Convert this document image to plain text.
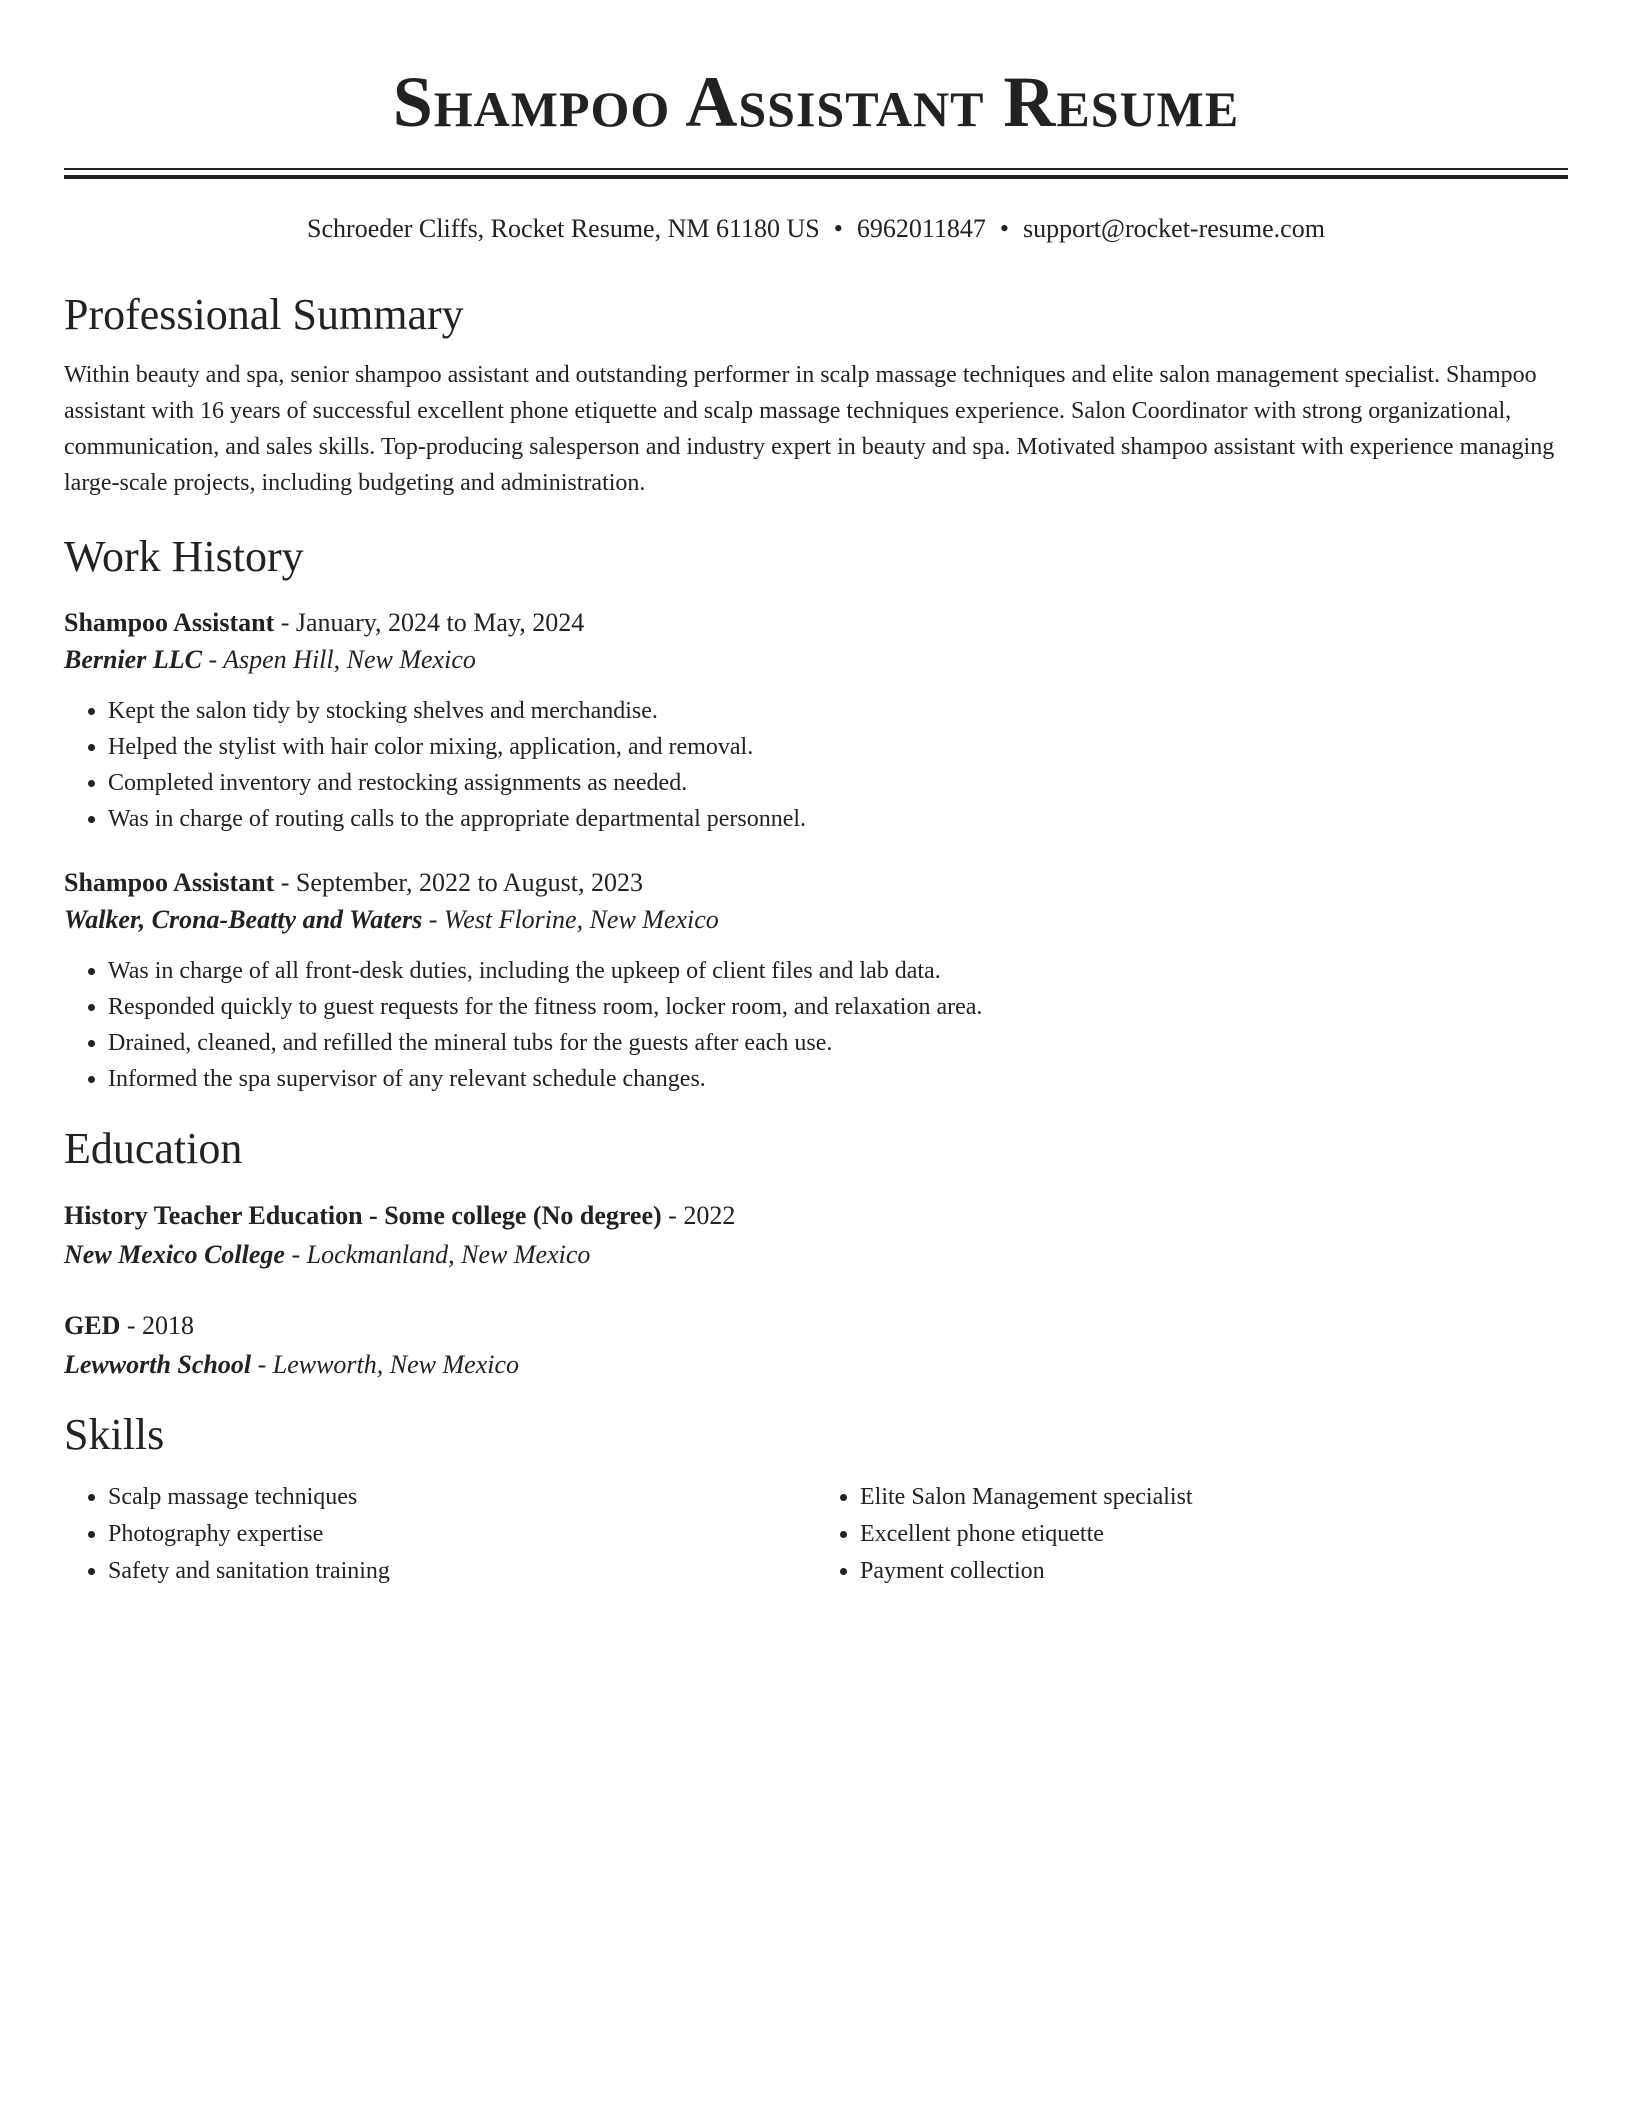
Shampoo Assistant Resume
Schroeder Cliffs, Rocket Resume, NM 61180 US • 6962011847 • support@rocket-resume.com
Professional Summary

Within beauty and spa, senior shampoo assistant and outstanding performer in scalp massage techniques and elite salon management specialist. Shampoo assistant with 16 years of successful excellent phone etiquette and scalp massage techniques experience. Salon Coordinator with strong organizational, communication, and sales skills. Top-producing salesperson and industry expert in beauty and spa. Motivated shampoo assistant with experience managing large-scale projects, including budgeting and administration.

Work History
Shampoo Assistant - January, 2024 to May, 2024
Bernier LLC - Aspen Hill, New Mexico
• Kept the salon tidy by stocking shelves and merchandise.
• Helped the stylist with hair color mixing, application, and removal.
• Completed inventory and restocking assignments as needed.
• Was in charge of routing calls to the appropriate departmental personnel.
Shampoo Assistant - September, 2022 to August, 2023
Walker, Crona-Beatty and Waters - West Florine, New Mexico
• Was in charge of all front-desk duties, including the upkeep of client files and lab data.
• Responded quickly to guest requests for the fitness room, locker room, and relaxation area.
• Drained, cleaned, and refilled the mineral tubs for the guests after each use.
• Informed the spa supervisor of any relevant schedule changes.
Education
History Teacher Education - Some college (No degree) - 2022
New Mexico College - Lockmanland, New Mexico
GED - 2018
Lewworth School - Lewworth, New Mexico
Skills
• Scalp massage techniques
• Photography expertise
• Safety and sanitation training
• Elite Salon Management specialist
• Excellent phone etiquette
• Payment collection
